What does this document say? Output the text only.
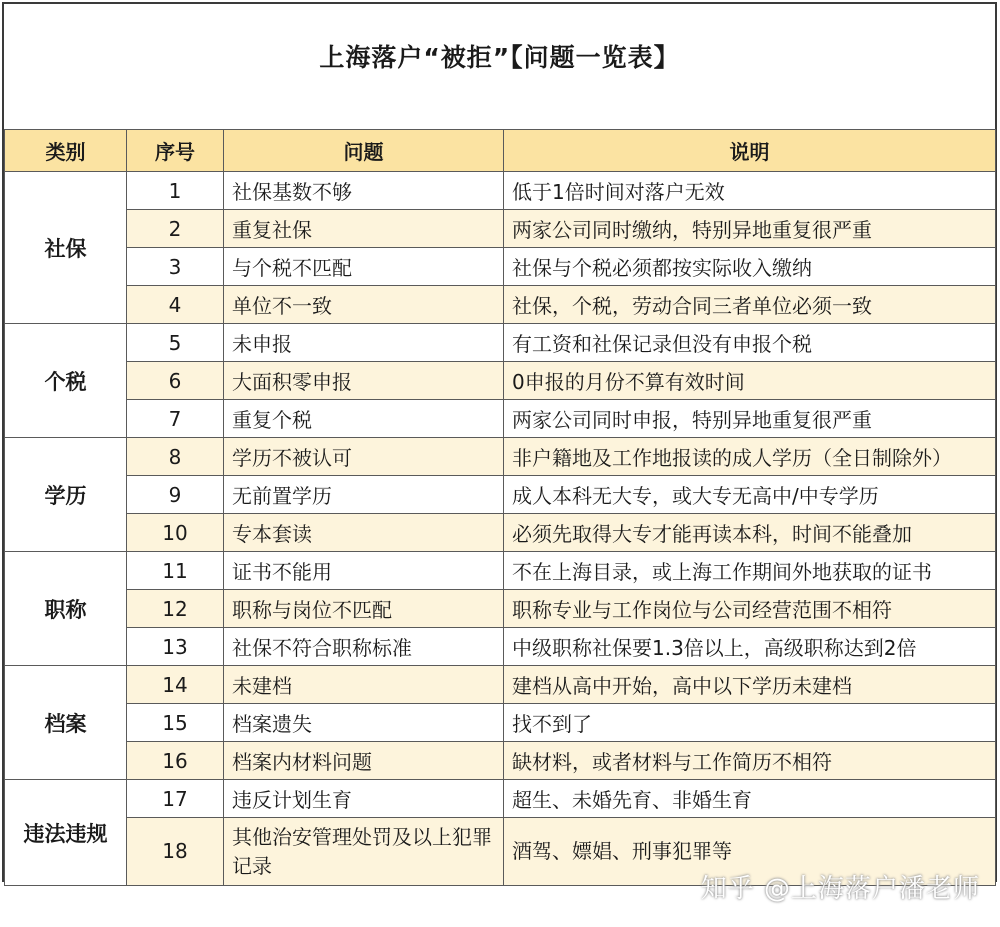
上海落户“被拒”【问题一览表】
类别	序号	问题	说明
社保	1	社保基数不够	低于1倍时间对落户无效
	2	重复社保	两家公司同时缴纳，特别异地重复很严重
	3	与个税不匹配	社保与个税必须都按实际收入缴纳
	4	单位不一致	社保，个税，劳动合同三者单位必须一致
个税	5	未申报	有工资和社保记录但没有申报个税
	6	大面积零申报	0申报的月份不算有效时间
	7	重复个税	两家公司同时申报，特别异地重复很严重
学历	8	学历不被认可	非户籍地及工作地报读的成人学历（全日制除外）
	9	无前置学历	成人本科无大专，或大专无高中/中专学历
	10	专本套读	必须先取得大专才能再读本科，时间不能叠加
职称	11	证书不能用	不在上海目录，或上海工作期间外地获取的证书
	12	职称与岗位不匹配	职称专业与工作岗位与公司经营范围不相符
	13	社保不符合职称标准	中级职称社保要1.3倍以上，高级职称达到2倍
档案	14	未建档	建档从高中开始，高中以下学历未建档
	15	档案遗失	找不到了
	16	档案内材料问题	缺材料，或者材料与工作简历不相符
违法违规	17	违反计划生育	超生、未婚先育、非婚生育
	18	其他治安管理处罚及以上犯罪记录	酒驾、嫖娼、刑事犯罪等
知乎 @上海落户潘老师
